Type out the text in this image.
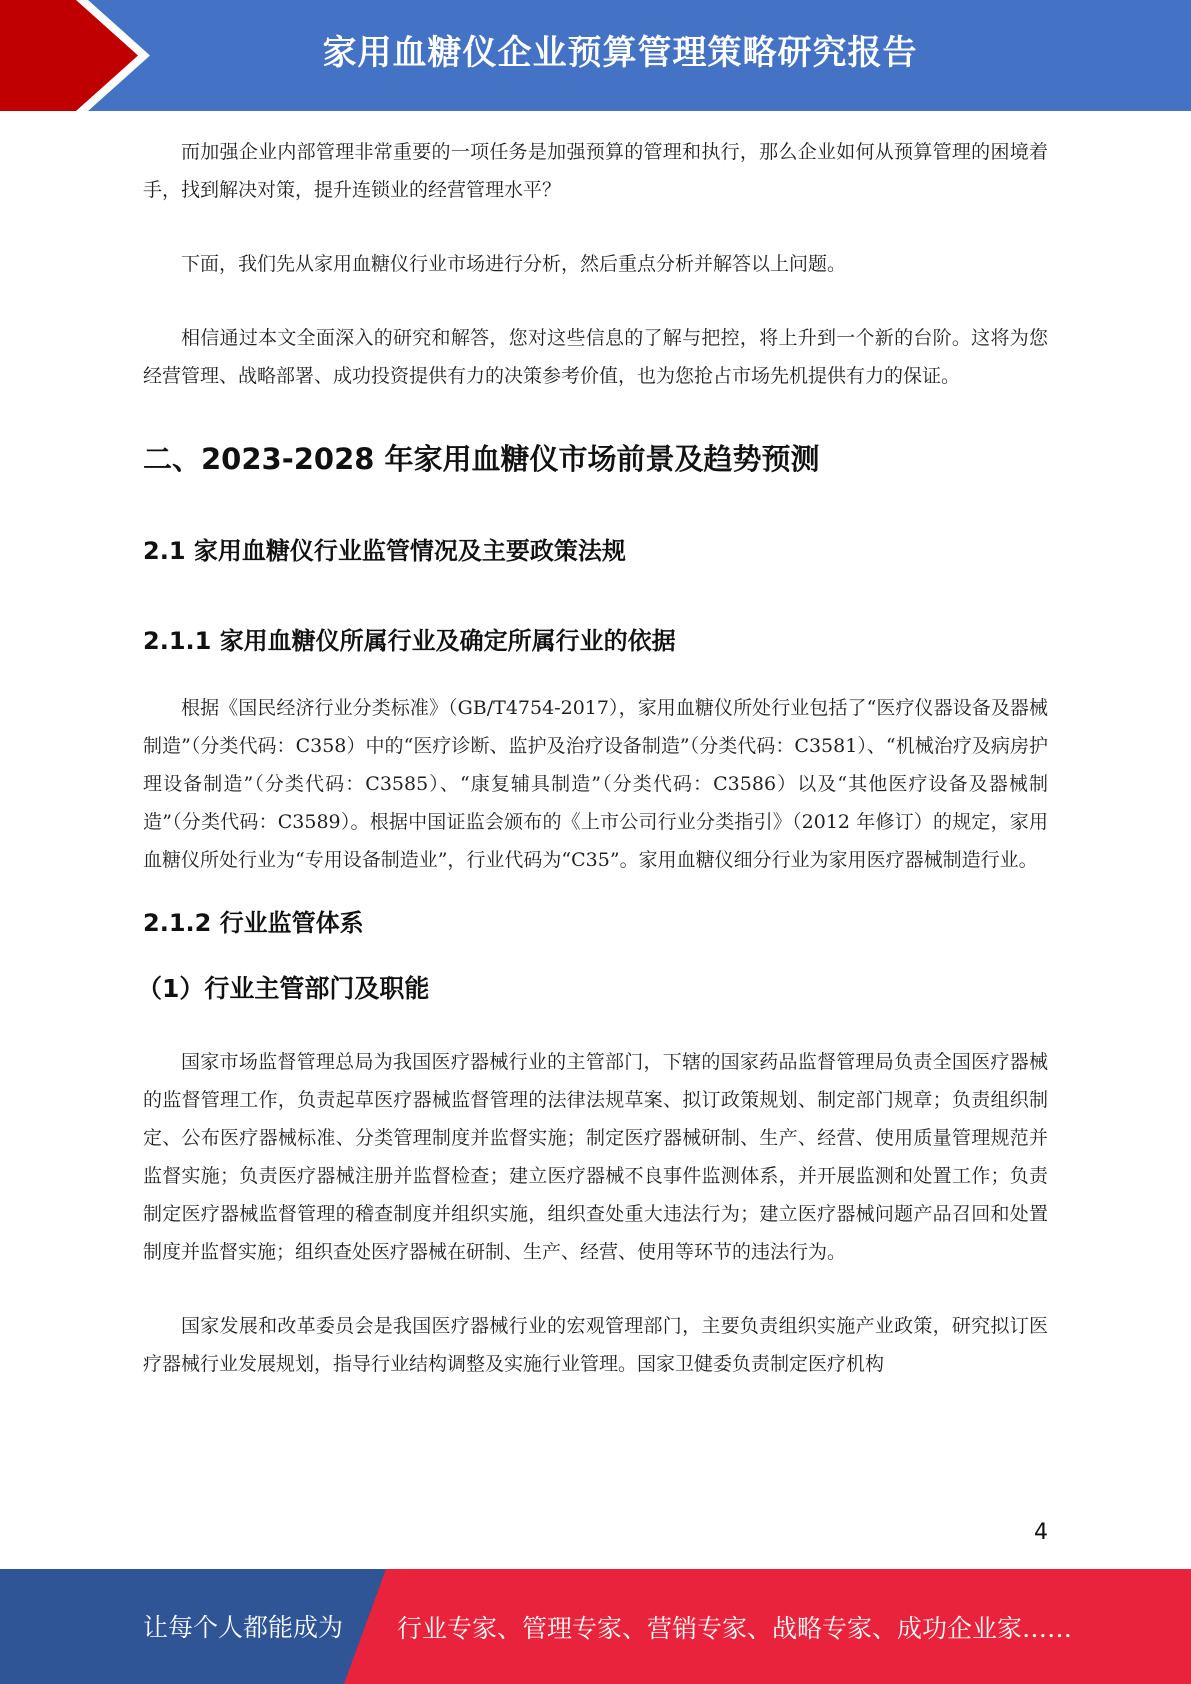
家用血糖仪企业预算管理策略研究报告

而加强企业内部管理非常重要的一项任务是加强预算的管理和执行，那么企业如何从预算管理的困境着手，找到解决对策，提升连锁业的经营管理水平？

下面，我们先从家用血糖仪行业市场进行分析，然后重点分析并解答以上问题。

相信通过本文全面深入的研究和解答，您对这些信息的了解与把控，将上升到一个新的台阶。这将为您经营管理、战略部署、成功投资提供有力的决策参考价值，也为您抢占市场先机提供有力的保证。

二、2023-2028 年家用血糖仪市场前景及趋势预测
2.1 家用血糖仪行业监管情况及主要政策法规
2.1.1 家用血糖仪所属行业及确定所属行业的依据

根据《国民经济行业分类标准》（GB/T4754-2017），家用血糖仪所处行业包括了“医疗仪器设备及器械制造”（分类代码：C358）中的“医疗诊断、监护及治疗设备制造”（分类代码：C3581）、“机械治疗及病房护理设备制造”（分类代码：C3585）、“康复辅具制造”（分类代码：C3586）以及“其他医疗设备及器械制造”（分类代码：C3589）。根据中国证监会颁布的《上市公司行业分类指引》（2012 年修订）的规定，家用血糖仪所处行业为“专用设备制造业”，行业代码为“C35”。家用血糖仪细分行业为家用医疗器械制造行业。

2.1.2 行业监管体系
（1）行业主管部门及职能

国家市场监督管理总局为我国医疗器械行业的主管部门，下辖的国家药品监督管理局负责全国医疗器械的监督管理工作，负责起草医疗器械监督管理的法律法规草案、拟订政策规划、制定部门规章；负责组织制定、公布医疗器械标准、分类管理制度并监督实施；制定医疗器械研制、生产、经营、使用质量管理规范并监督实施；负责医疗器械注册并监督检查；建立医疗器械不良事件监测体系，并开展监测和处置工作；负责制定医疗器械监督管理的稽查制度并组织实施，组织查处重大违法行为；建立医疗器械问题产品召回和处置制度并监督实施；组织查处医疗器械在研制、生产、经营、使用等环节的违法行为。

国家发展和改革委员会是我国医疗器械行业的宏观管理部门，主要负责组织实施产业政策，研究拟订医疗器械行业发展规划，指导行业结构调整及实施行业管理。国家卫健委负责制定医疗机构

4
让每个人都能成为 行业专家、管理专家、营销专家、战略专家、成功企业家……
